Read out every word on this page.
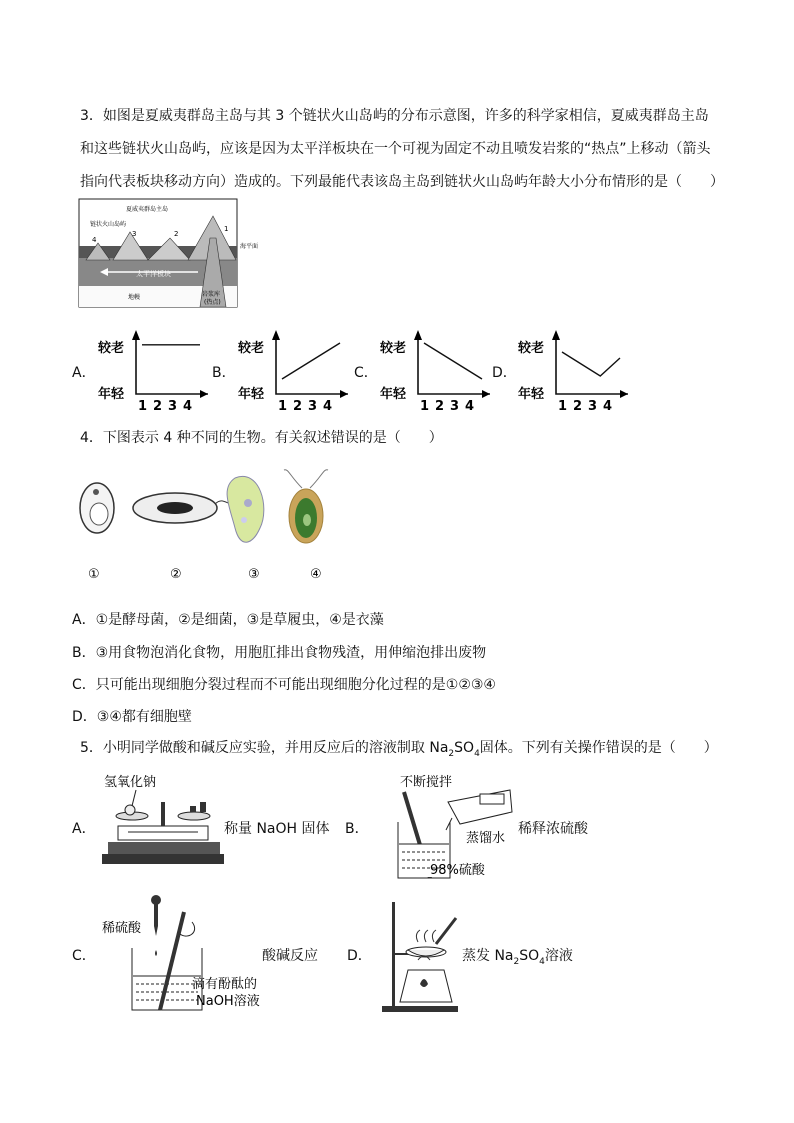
3．如图是夏威夷群岛主岛与其 3 个链状火山岛屿的分布示意图，许多的科学家相信，夏威夷群岛主岛和这些链状火山岛屿，应该是因为太平洋板块在一个可视为固定不动且喷发岩浆的“热点”上移动（箭头指向代表板块移动方向）造成的。下列最能代表该岛主岛到链状火山岛屿年龄大小分布情形的是（　　）
太平洋板块
夏威夷群岛主岛
链状火山岛屿
1
2
3
4
海平面
地幔	岩浆库
(热点)
A．
较老
年轻
1 2 3 4
B．
较老
年轻
1 2 3 4
C．
较老
年轻
1 2 3 4
D．
较老
年轻
1 2 3 4
4．下图表示 4 种不同的生物。有关叙述错误的是（　　）
①	②	③	④
A．①是酵母菌，②是细菌，③是草履虫，④是衣藻
B．③用食物泡消化食物，用胞肛排出食物残渣，用伸缩泡排出废物
C．只可能出现细胞分裂过程而不可能出现细胞分化过程的是①②③④
D．③④都有细胞壁
5．小明同学做酸和碱反应实验，并用反应后的溶液制取 $Na_2SO_4$固体。下列有关操作错误的是（　　）
A．
氢氧化钠
称量 NaOH 固体 B．
不断搅拌
蒸馏水
98%硫酸
稀释浓硫酸
C．
稀硫酸
滴有酚酞的
NaOH溶液
酸碱反应 D．	蒸发 $Na_2SO_4$溶液
